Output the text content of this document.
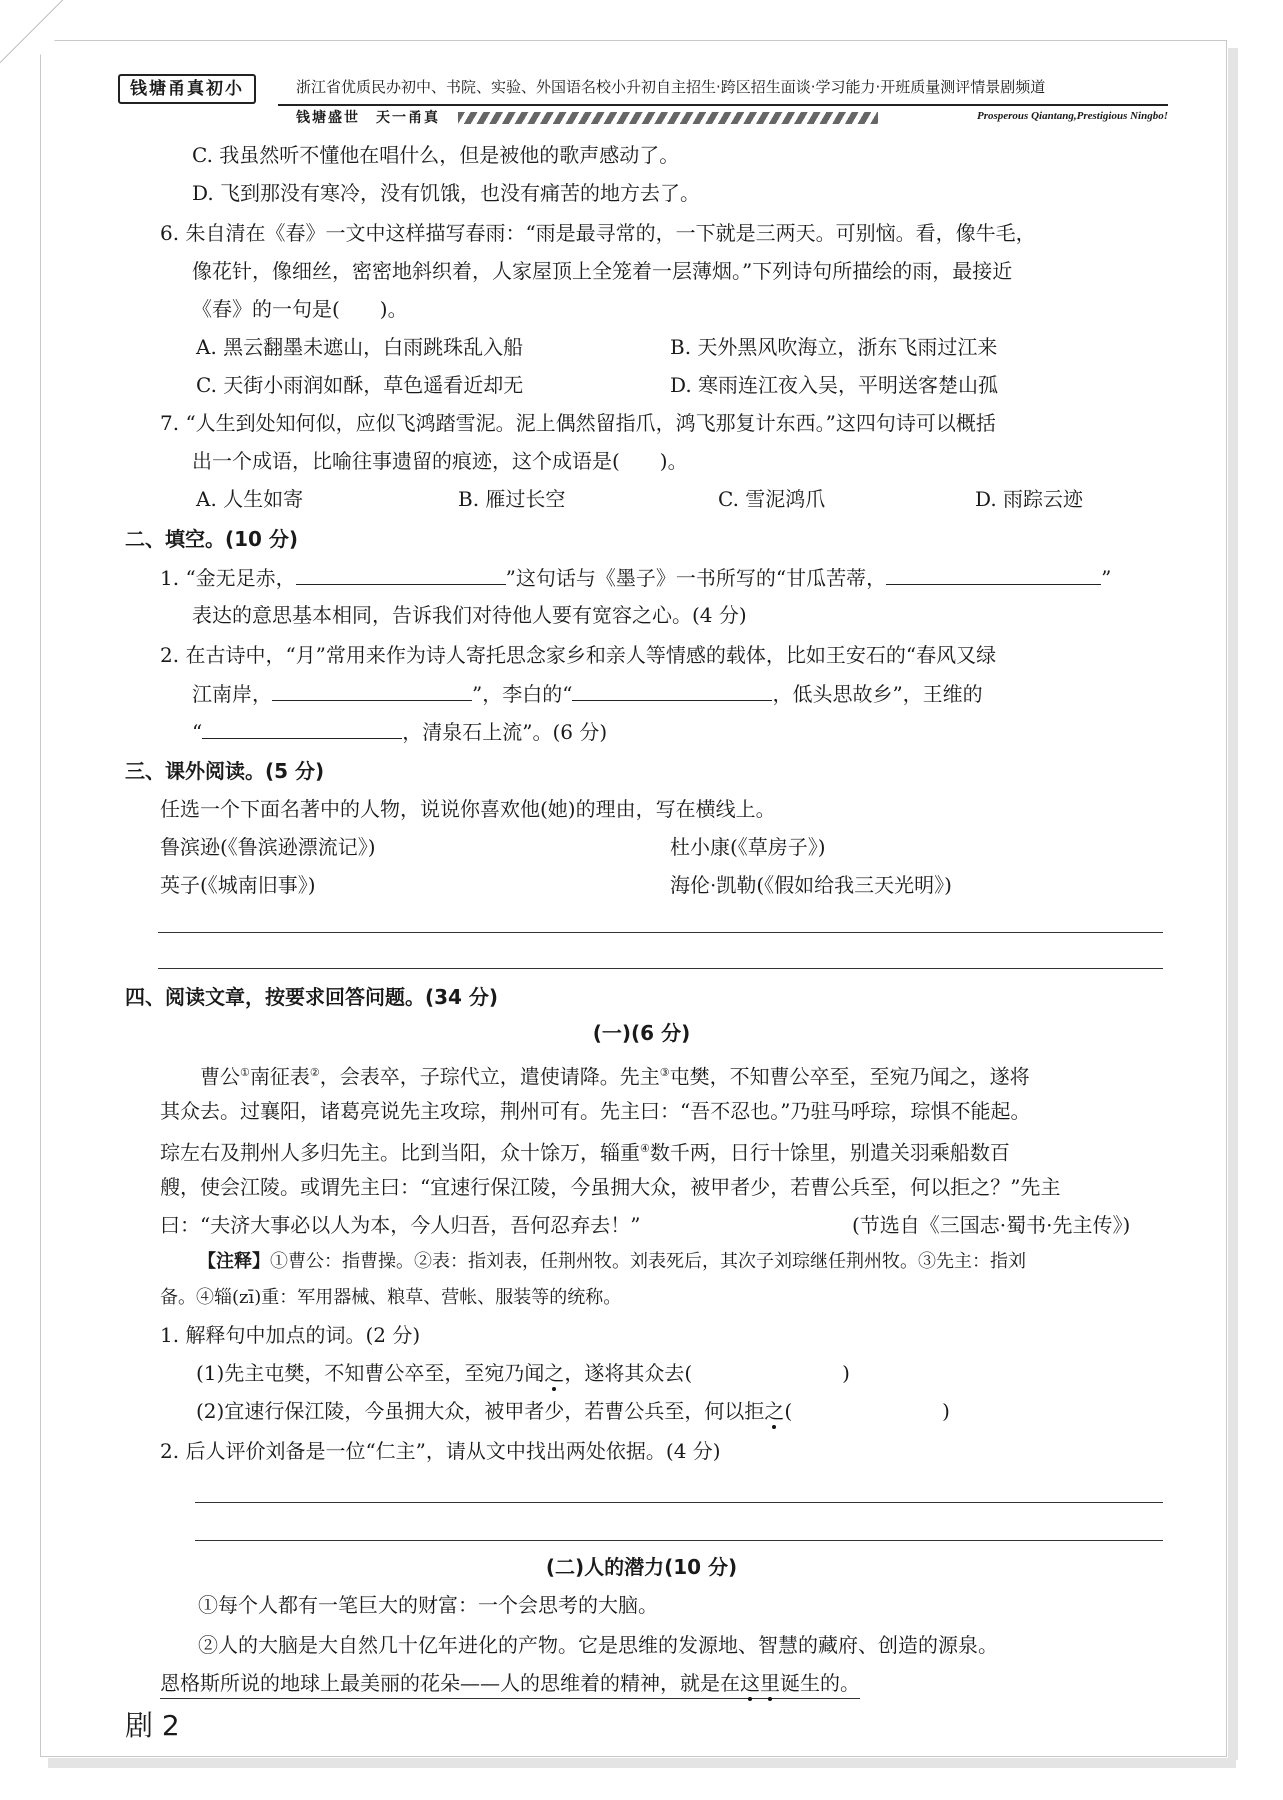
钱塘甬真初小	浙江省优质民办初中、书院、实验、外国语名校小升初自主招生·跨区招生面谈·学习能力·开班质量测评情景剧频道
钱塘盛世　天一甬真	Prosperous Qiantang,Prestigious Ningbo!
C. 我虽然听不懂他在唱什么，但是被他的歌声感动了。
D. 飞到那没有寒冷，没有饥饿，也没有痛苦的地方去了。
6. 朱自清在《春》一文中这样描写春雨：“雨是最寻常的，一下就是三两天。可别恼。看，像牛毛，
像花针，像细丝，密密地斜织着，人家屋顶上全笼着一层薄烟。”下列诗句所描绘的雨，最接近
《春》的一句是(　　)。
A. 黑云翻墨未遮山，白雨跳珠乱入船	B. 天外黑风吹海立，浙东飞雨过江来
C. 天街小雨润如酥，草色遥看近却无	D. 寒雨连江夜入吴，平明送客楚山孤
7. “人生到处知何似，应似飞鸿踏雪泥。泥上偶然留指爪，鸿飞那复计东西。”这四句诗可以概括
出一个成语，比喻往事遗留的痕迹，这个成语是(　　)。
A. 人生如寄	B. 雁过长空	C. 雪泥鸿爪	D. 雨踪云迹
二、填空。(10 分)
1. “金无足赤，	”这句话与《墨子》一书所写的“甘瓜苦蒂，	”
表达的意思基本相同，告诉我们对待他人要有宽容之心。(4 分)
2. 在古诗中，“月”常用来作为诗人寄托思念家乡和亲人等情感的载体，比如王安石的“春风又绿
江南岸，	”，李白的“	，低头思故乡”，王维的
“	，清泉石上流”。(6 分)
三、课外阅读。(5 分)
任选一个下面名著中的人物，说说你喜欢他(她)的理由，写在横线上。
鲁滨逊(《鲁滨逊漂流记》)	杜小康(《草房子》)
英子(《城南旧事》)	海伦·凯勒(《假如给我三天光明》)
四、阅读文章，按要求回答问题。(34 分)
(一)(6 分)
曹公①南征表②，会表卒，子琮代立，遣使请降。先主③屯樊，不知曹公卒至，至宛乃闻之，遂将
其众去。过襄阳，诸葛亮说先主攻琮，荆州可有。先主曰：“吾不忍也。”乃驻马呼琮，琮惧不能起。
琮左右及荆州人多归先主。比到当阳，众十馀万，辎重④数千两，日行十馀里，别遣关羽乘船数百
艘，使会江陵。或谓先主曰：“宜速行保江陵，今虽拥大众，被甲者少，若曹公兵至，何以拒之？”先主
曰：“夫济大事必以人为本，今人归吾，吾何忍弃去！”	(节选自《三国志·蜀书·先主传》)
【注释】①曹公：指曹操。②表：指刘表，任荆州牧。刘表死后，其次子刘琮继任荆州牧。③先主：指刘
备。④辎(zī)重：军用器械、粮草、营帐、服装等的统称。
1. 解释句中加点的词。(2 分)
(1)先主屯樊，不知曹公卒至，至宛乃闻之，遂将其众去(	)
(2)宜速行保江陵，今虽拥大众，被甲者少，若曹公兵至，何以拒之(	)
2. 后人评价刘备是一位“仁主”，请从文中找出两处依据。(4 分)
(二)人的潜力(10 分)
①每个人都有一笔巨大的财富：一个会思考的大脑。
②人的大脑是大自然几十亿年进化的产物。它是思维的发源地、智慧的藏府、创造的源泉。
恩格斯所说的地球上最美丽的花朵——人的思维着的精神，就是在这里诞生的。
剧 2
